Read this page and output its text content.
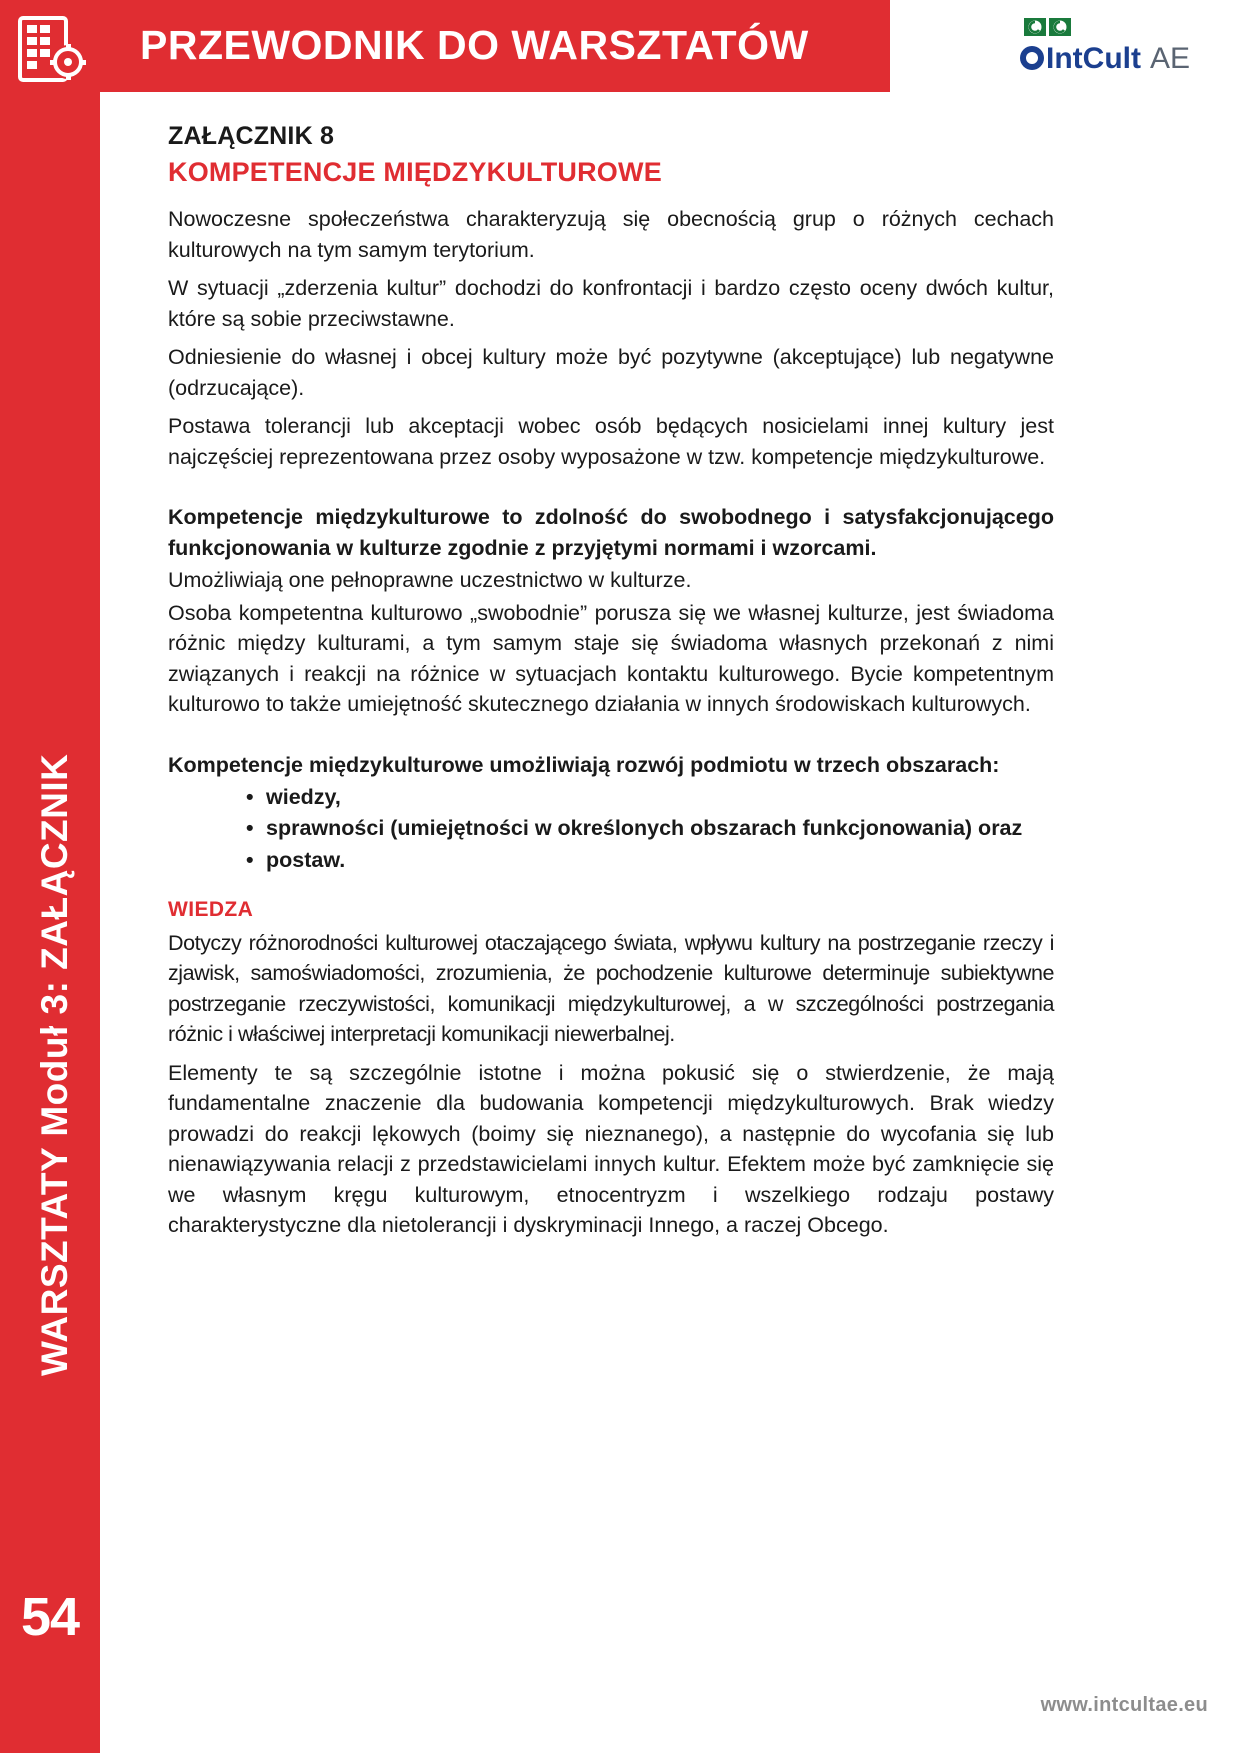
WARSZTATY Moduł 3: ZAŁĄCZNIK
54
PRZEWODNIK DO WARSZTATÓW	IntCult AE
ZAŁĄCZNIK 8
KOMPETENCJE MIĘDZYKULTUROWE

Nowoczesne społeczeństwa charakteryzują się obecnością grup o różnych cechach kulturowych na tym samym terytorium.

W sytuacji „zderzenia kultur” dochodzi do konfrontacji i bardzo często oceny dwóch kultur, które są sobie przeciwstawne.

Odniesienie do własnej i obcej kultury może być pozytywne (akceptujące) lub negatywne (odrzucające).

Postawa tolerancji lub akceptacji wobec osób będących nosicielami innej kultury jest najczęściej reprezentowana przez osoby wyposażone w tzw. kompetencje międzykulturowe.

Kompetencje międzykulturowe to zdolność do swobodnego i satysfakcjonującego funkcjonowania w kulturze zgodnie z przyjętymi normami i wzorcami.

Umożliwiają one pełnoprawne uczestnictwo w kulturze.

Osoba kompetentna kulturowo „swobodnie” porusza się we własnej kulturze, jest świadoma różnic między kulturami, a tym samym staje się świadoma własnych przekonań z nimi związanych i reakcji na różnice w sytuacjach kontaktu kulturowego. Bycie kompetentnym kulturowo to także umiejętność skutecznego działania w innych środowiskach kulturowych.

Kompetencje międzykulturowe umożliwiają rozwój podmiotu w trzech obszarach:

• wiedzy,
• sprawności (umiejętności w określonych obszarach funkcjonowania) oraz
• postaw.
WIEDZA

Dotyczy różnorodności kulturowej otaczającego świata, wpływu kultury na postrzeganie rzeczy i zjawisk, samoświadomości, zrozumienia, że pochodzenie kulturowe determinuje subiektywne postrzeganie rzeczywistości, komunikacji międzykulturowej, a w szczególności postrzegania różnic i właściwej interpretacji komunikacji niewerbalnej.

Elementy te są szczególnie istotne i można pokusić się o stwierdzenie, że mają fundamentalne znaczenie dla budowania kompetencji międzykulturowych. Brak wiedzy prowadzi do reakcji lękowych (boimy się nieznanego), a następnie do wycofania się lub nienawiązywania relacji z przedstawicielami innych kultur. Efektem może być zamknięcie się we własnym kręgu kulturowym, etnocentryzm i wszelkiego rodzaju postawy charakterystyczne dla nietolerancji i dyskryminacji Innego, a raczej Obcego.

www.intcultae.eu
